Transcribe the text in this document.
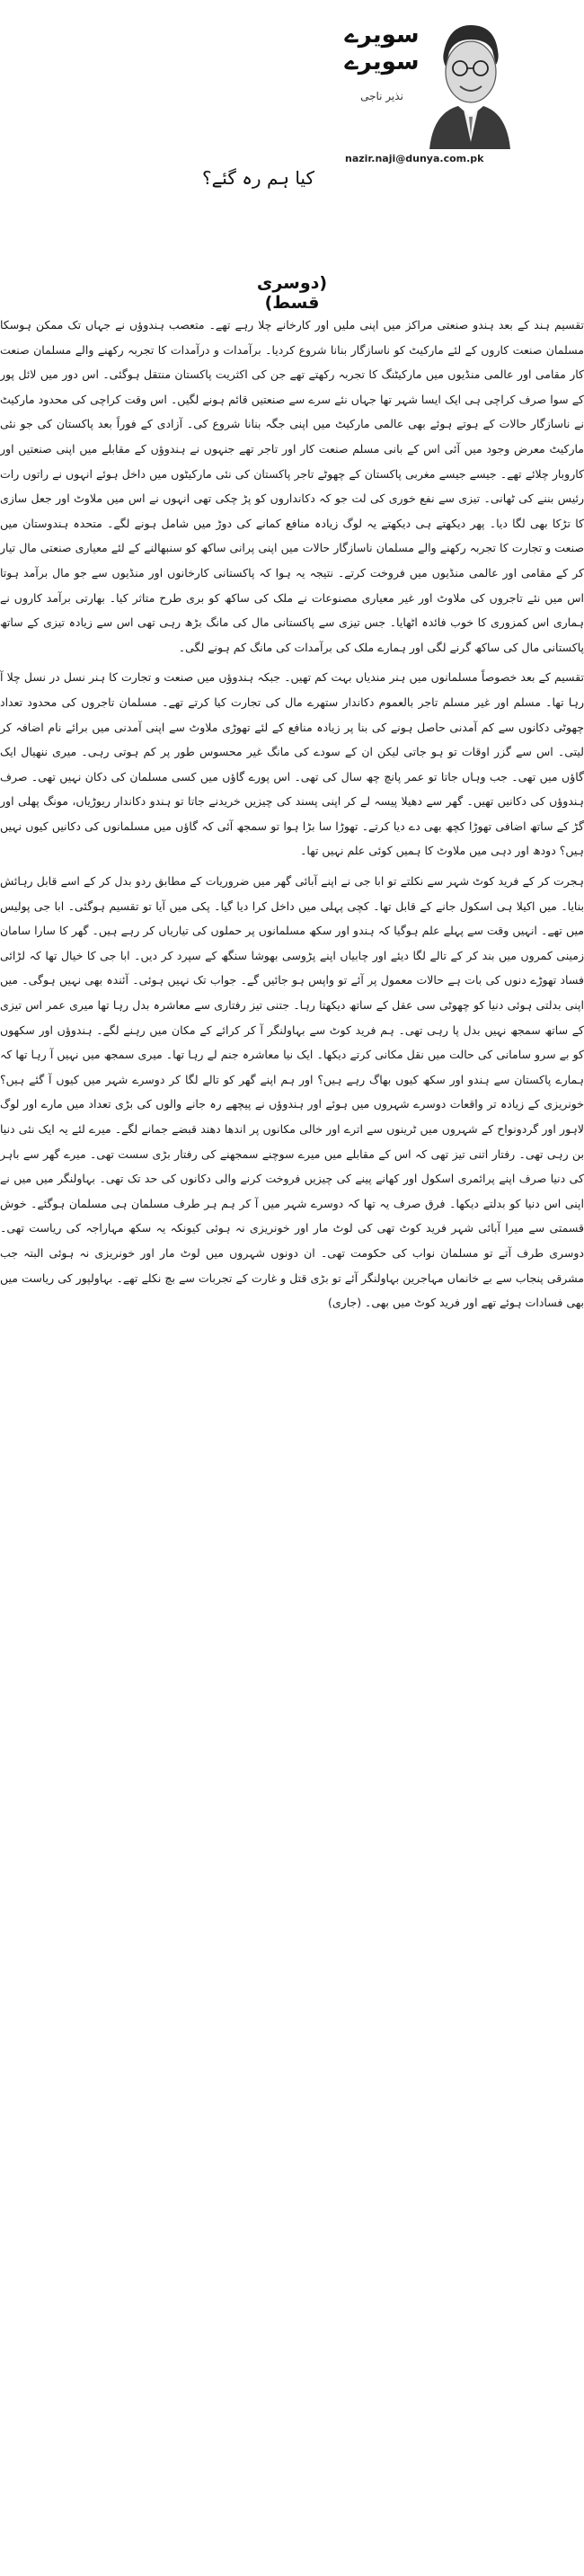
سویرے
سویرے
نذیر ناجی
nazir.naji@dunya.com.pk
کیا ہم رہ گئے؟
(دوسری قسط)

تقسیم ہند کے بعد ہندو صنعتی مراکز میں اپنی ملیں اور کارخانے چلا رہے تھے۔ متعصب ہندوؤں نے جہاں تک ممکن ہوسکا مسلمان صنعت کاروں کے لئے مارکیٹ کو ناسازگار بنانا شروع کردیا۔ برآمدات و درآمدات کا تجربہ رکھنے والے مسلمان صنعت کار مقامی اور عالمی منڈیوں میں مارکیٹنگ کا تجربہ رکھتے تھے جن کی اکثریت پاکستان منتقل ہوگئی۔ اس دور میں لائل پور کے سوا صرف کراچی ہی ایک ایسا شہر تھا جہاں نئے سرے سے صنعتیں قائم ہونے لگیں۔ اس وقت کراچی کی محدود مارکیٹ نے ناسازگار حالات کے ہوتے ہوئے بھی عالمی مارکیٹ میں اپنی جگہ بنانا شروع کی۔ آزادی کے فوراً بعد پاکستان کی جو نئی مارکیٹ معرض وجود میں آئی اس کے بانی مسلم صنعت کار اور تاجر تھے جنہوں نے ہندوؤں کے مقابلے میں اپنی صنعتیں اور کاروبار چلائے تھے۔ جیسے جیسے مغربی پاکستان کے چھوٹے تاجر پاکستان کی نئی مارکیٹوں میں داخل ہوئے انہوں نے راتوں رات رئیس بننے کی ٹھانی۔ تیزی سے نفع خوری کی لت جو کہ دکانداروں کو پڑ چکی تھی انہوں نے اس میں ملاوٹ اور جعل سازی کا تڑکا بھی لگا دیا۔ پھر دیکھتے ہی دیکھتے یہ لوگ زیادہ منافع کمانے کی دوڑ میں شامل ہونے لگے۔ متحدہ ہندوستان میں صنعت و تجارت کا تجربہ رکھنے والے مسلمان ناسازگار حالات میں اپنی پرانی ساکھ کو سنبھالنے کے لئے معیاری صنعتی مال تیار کر کے مقامی اور عالمی منڈیوں میں فروخت کرتے۔ نتیجہ یہ ہوا کہ پاکستانی کارخانوں اور منڈیوں سے جو مال برآمد ہوتا اس میں نئے تاجروں کی ملاوٹ اور غیر معیاری مصنوعات نے ملک کی ساکھ کو بری طرح متاثر کیا۔ بھارتی برآمد کاروں نے ہماری اس کمزوری کا خوب فائدہ اٹھایا۔ جس تیزی سے پاکستانی مال کی مانگ بڑھ رہی تھی اس سے زیادہ تیزی کے ساتھ پاکستانی مال کی ساکھ گرنے لگی اور ہمارے ملک کی برآمدات کی مانگ کم ہونے لگی۔

تقسیم کے بعد خصوصاً مسلمانوں میں ہنر مندیاں بہت کم تھیں۔ جبکہ ہندوؤں میں صنعت و تجارت کا ہنر نسل در نسل چلا آ رہا تھا۔ مسلم اور غیر مسلم تاجر بالعموم دکاندار ستھرے مال کی تجارت کیا کرتے تھے۔ مسلمان تاجروں کی محدود تعداد چھوٹی دکانوں سے کم آمدنی حاصل ہونے کی بنا پر زیادہ منافع کے لئے تھوڑی ملاوٹ سے اپنی آمدنی میں برائے نام اضافہ کر لیتی۔ اس سے گزر اوقات تو ہو جاتی لیکن ان کے سودے کی مانگ غیر محسوس طور پر کم ہوتی رہی۔ میری ننھیال ایک گاؤں میں تھی۔ جب وہاں جاتا تو عمر پانچ چھ سال کی تھی۔ اس پورے گاؤں میں کسی مسلمان کی دکان نہیں تھی۔ صرف ہندوؤں کی دکانیں تھیں۔ گھر سے دھیلا پیسہ لے کر اپنی پسند کی چیزیں خریدنے جاتا تو ہندو دکاندار ریوڑیاں، مونگ پھلی اور گڑ کے ساتھ اضافی تھوڑا کچھ بھی دے دیا کرتے۔ تھوڑا سا بڑا ہوا تو سمجھ آئی کہ گاؤں میں مسلمانوں کی دکانیں کیوں نہیں ہیں؟ دودھ اور دہی میں ملاوٹ کا ہمیں کوئی علم نہیں تھا۔

ہجرت کر کے فرید کوٹ شہر سے نکلتے تو ابا جی نے اپنے آبائی گھر میں ضروریات کے مطابق ردو بدل کر کے اسے قابل رہائش بنایا۔ میں اکیلا ہی اسکول جانے کے قابل تھا۔ کچی پہلی میں داخل کرا دیا گیا۔ پکی میں آیا تو تقسیم ہوگئی۔ ابا جی پولیس میں تھے۔ انہیں وقت سے پہلے علم ہوگیا کہ ہندو اور سکھ مسلمانوں پر حملوں کی تیاریاں کر رہے ہیں۔ گھر کا سارا سامان زمینی کمروں میں بند کر کے تالے لگا دیئے اور چابیاں اپنے پڑوسی بھوشا سنگھ کے سپرد کر دیں۔ ابا جی کا خیال تھا کہ لڑائی فساد تھوڑے دنوں کی بات ہے حالات معمول پر آئے تو واپس ہو جائیں گے۔ جواب تک نہیں ہوئی۔ آئندہ بھی نہیں ہوگی۔ میں اپنی بدلتی ہوئی دنیا کو چھوٹی سی عقل کے ساتھ دیکھتا رہا۔ جتنی تیز رفتاری سے معاشرہ بدل رہا تھا میری عمر اس تیزی کے ساتھ سمجھ نہیں بدل پا رہی تھی۔ ہم فرید کوٹ سے بہاولنگر آ کر کرائے کے مکان میں رہنے لگے۔ ہندوؤں اور سکھوں کو بے سرو سامانی کی حالت میں نقل مکانی کرتے دیکھا۔ ایک نیا معاشرہ جنم لے رہا تھا۔ میری سمجھ میں نہیں آ رہا تھا کہ ہمارے پاکستان سے ہندو اور سکھ کیوں بھاگ رہے ہیں؟ اور ہم اپنے گھر کو تالے لگا کر دوسرے شہر میں کیوں آ گئے ہیں؟ خونریزی کے زیادہ تر واقعات دوسرے شہروں میں ہوئے اور ہندوؤں نے پیچھے رہ جانے والوں کی بڑی تعداد میں مارے اور لوگ لاہور اور گردونواح کے شہروں میں ٹرینوں سے اترے اور خالی مکانوں پر اندھا دھند قبضے جمانے لگے۔ میرے لئے یہ ایک نئی دنیا بن رہی تھی۔ رفتار اتنی تیز تھی کہ اس کے مقابلے میں میرے سوچنے سمجھنے کی رفتار بڑی سست تھی۔ میرے گھر سے باہر کی دنیا صرف اپنے پرائمری اسکول اور کھانے پینے کی چیزیں فروخت کرنے والی دکانوں کی حد تک تھی۔ بہاولنگر میں میں نے اپنی اس دنیا کو بدلتے دیکھا۔ فرق صرف یہ تھا کہ دوسرے شہر میں آ کر ہم ہر طرف مسلمان ہی مسلمان ہوگئے۔ خوش قسمتی سے میرا آبائی شہر فرید کوٹ تھی کی لوٹ مار اور خونریزی نہ ہوئی کیونکہ یہ سکھ مہاراجہ کی ریاست تھی۔ دوسری طرف آتے تو مسلمان نواب کی حکومت تھی۔ ان دونوں شہروں میں لوٹ مار اور خونریزی نہ ہوئی البتہ جب مشرقی پنجاب سے بے خانماں مہاجرین بہاولنگر آئے تو بڑی قتل و غارت کے تجربات سے بچ نکلے تھے۔ بہاولپور کی ریاست میں بھی فسادات ہوئے تھے اور فرید کوٹ میں بھی۔ (جاری)
